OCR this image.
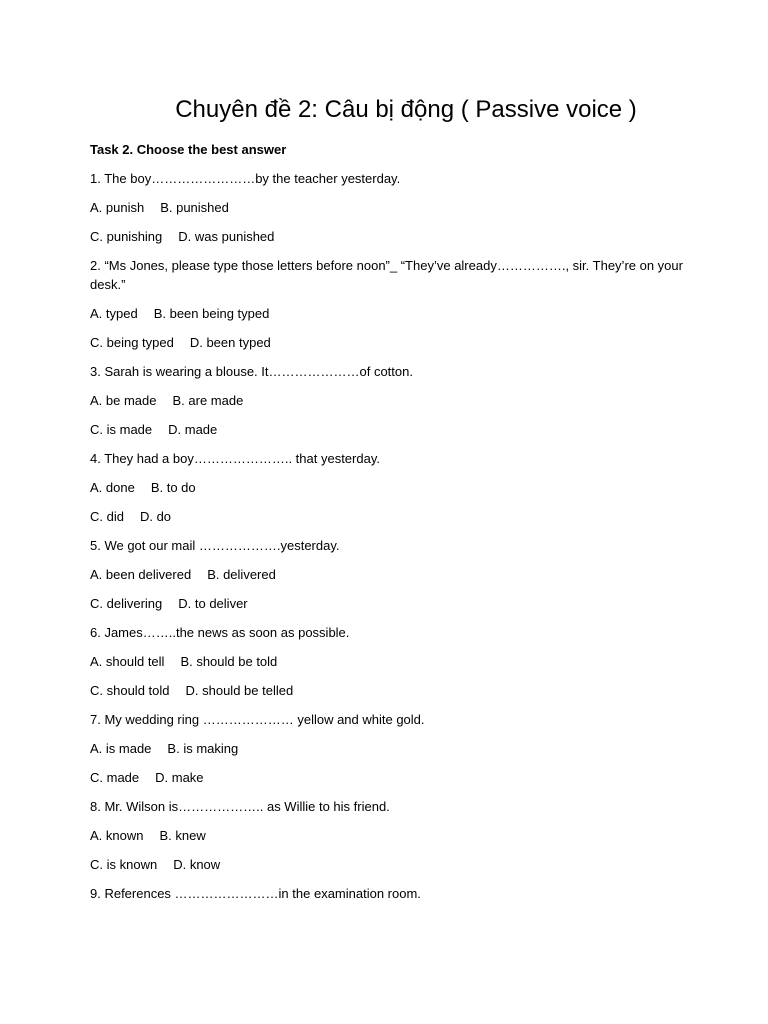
Chuyên đề 2: Câu bị động ( Passive voice )

Task 2. Choose the best answer

1. The boy……………………by the teacher yesterday.

A. punish B. punished
C. punishing D. was punished

2. “Ms Jones, please type those letters before noon”_ “They’ve already……………., sir. They’re on your desk.”

A. typed B. been being typed
C. being typed D. been typed

3. Sarah is wearing a blouse. It…………………of cotton.

A. be made B. are made
C. is made D. made

4. They had a boy………………….. that yesterday.

A. done B. to do
C. did D. do

5. We got our mail ……………….yesterday.

A. been delivered B. delivered
C. delivering D. to deliver

6. James……..the news as soon as possible.

A. should tell B. should be told
C. should told D. should be telled

7. My wedding ring ………………… yellow and white gold.

A. is made B. is making
C. made D. make

8. Mr. Wilson is……………….. as Willie to his friend.

A. known B. knew
C. is known D. know

9. References ……………………in the examination room.
